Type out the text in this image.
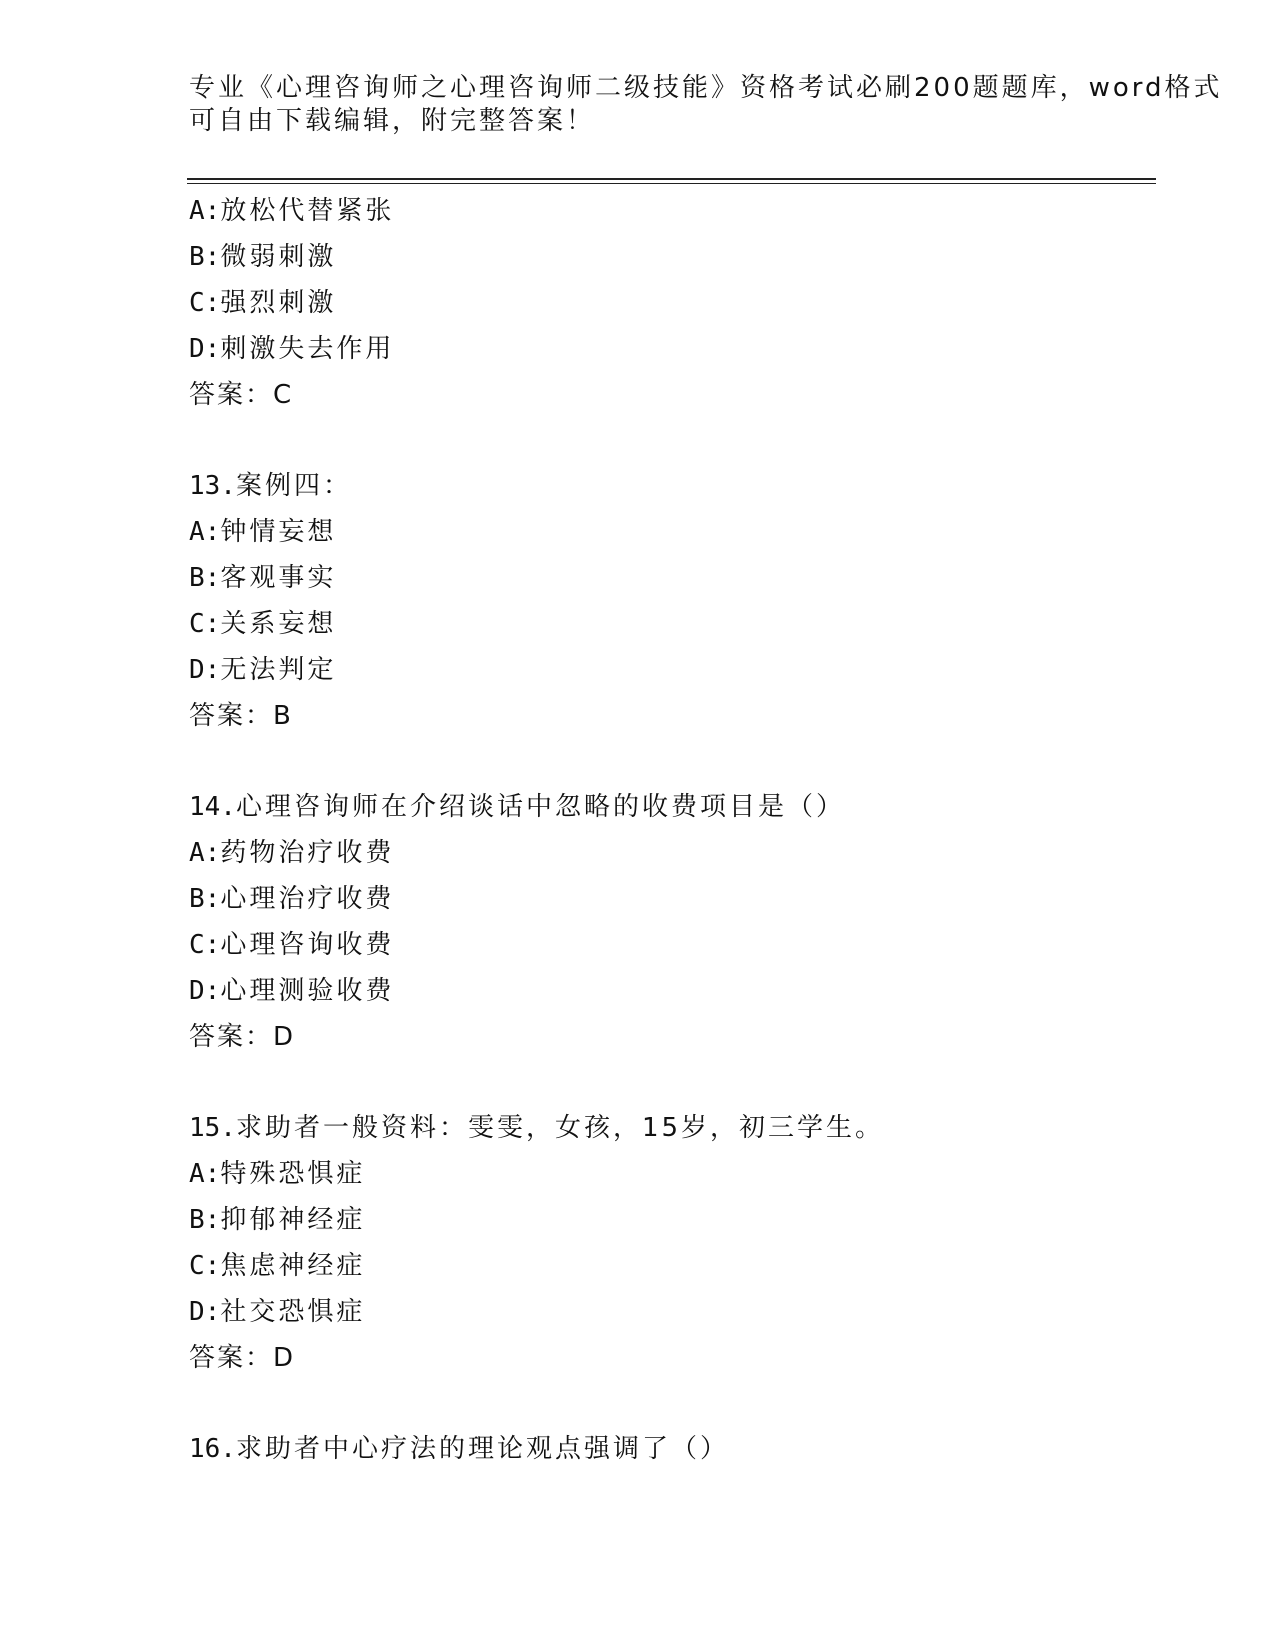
专业《心理咨询师之心理咨询师二级技能》资格考试必刷200题题库，word格式
可自由下载编辑，附完整答案！
A:放松代替紧张
B:微弱刺激
C:强烈刺激
D:刺激失去作用
答案：C
13.案例四：
A:钟情妄想
B:客观事实
C:关系妄想
D:无法判定
答案：B
14.心理咨询师在介绍谈话中忽略的收费项目是（）
A:药物治疗收费
B:心理治疗收费
C:心理咨询收费
D:心理测验收费
答案：D
15.求助者一般资料：雯雯，女孩，15岁，初三学生。
A:特殊恐惧症
B:抑郁神经症
C:焦虑神经症
D:社交恐惧症
答案：D
16.求助者中心疗法的理论观点强调了（）
